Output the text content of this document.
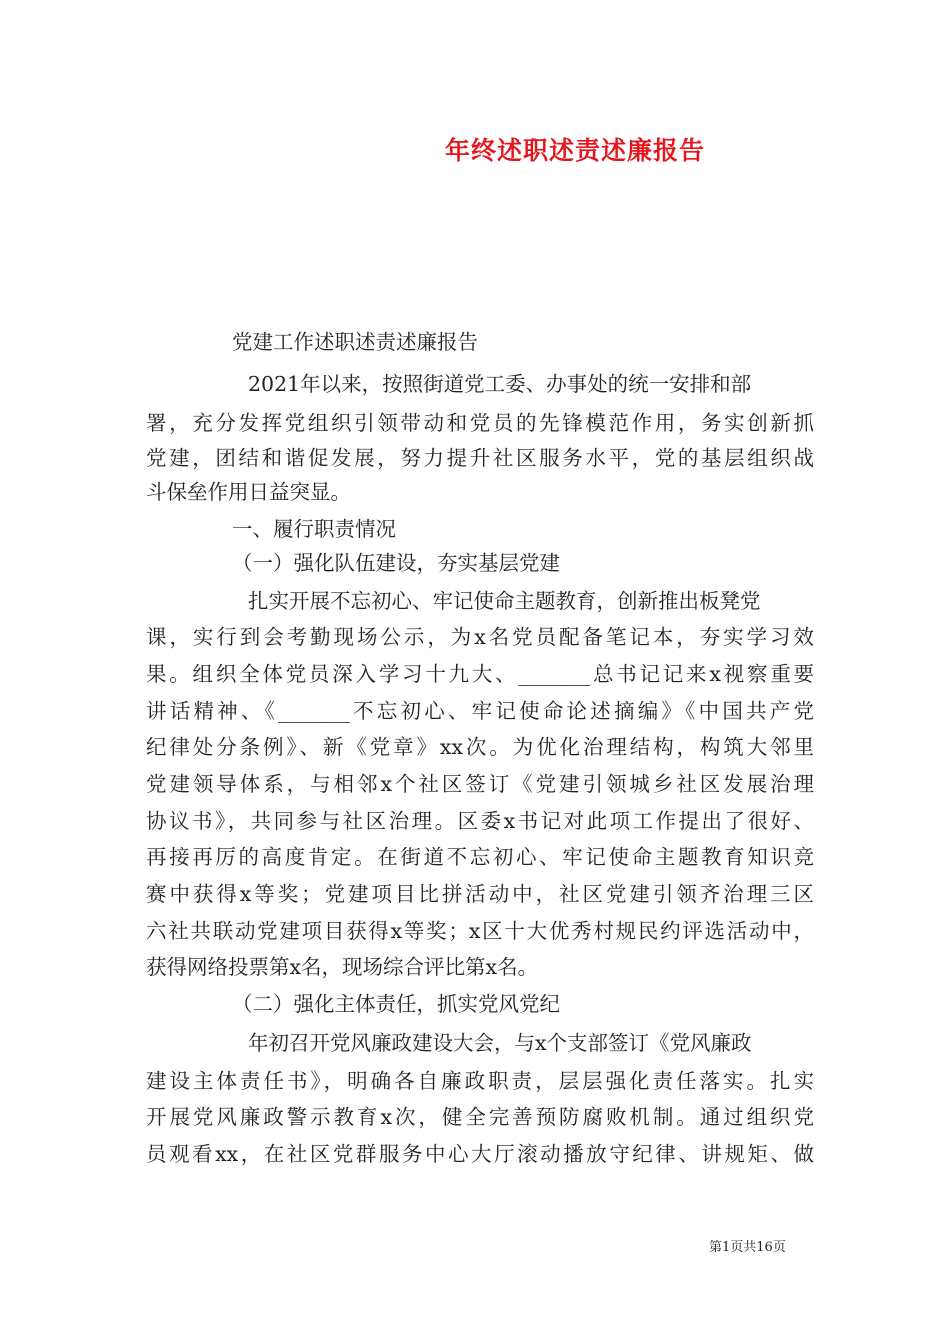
年终述职述责述廉报告
党建工作述职述责述廉报告
2021年以来，按照街道党工委、办事处的统一安排和部
署，充分发挥党组织引领带动和党员的先锋模范作用，务实创新抓
党建，团结和谐促发展，努力提升社区服务水平，党的基层组织战
斗保垒作用日益突显。
一、履行职责情况
（一）强化队伍建设，夯实基层党建
扎实开展不忘初心、牢记使命主题教育，创新推出板凳党
课，实行到会考勤现场公示，为x名党员配备笔记本，夯实学习效
果。组织全体党员深入学习十九大、_______总书记记来x视察重要
讲话精神、《_______不忘初心、牢记使命论述摘编》《中国共产党
纪律处分条例》、新《党章》xx次。为优化治理结构，构筑大邻里
党建领导体系，与相邻x个社区签订《党建引领城乡社区发展治理
协议书》，共同参与社区治理。区委x书记对此项工作提出了很好、
再接再厉的高度肯定。在街道不忘初心、牢记使命主题教育知识竞
赛中获得x等奖；党建项目比拼活动中，社区党建引领齐治理三区
六社共联动党建项目获得x等奖；x区十大优秀村规民约评选活动中，
获得网络投票第x名，现场综合评比第x名。
（二）强化主体责任，抓实党风党纪
年初召开党风廉政建设大会，与x个支部签订《党风廉政
建设主体责任书》，明确各自廉政职责，层层强化责任落实。扎实
开展党风廉政警示教育x次，健全完善预防腐败机制。通过组织党
员观看xx，在社区党群服务中心大厅滚动播放守纪律、讲规矩、做
第1页共16页
